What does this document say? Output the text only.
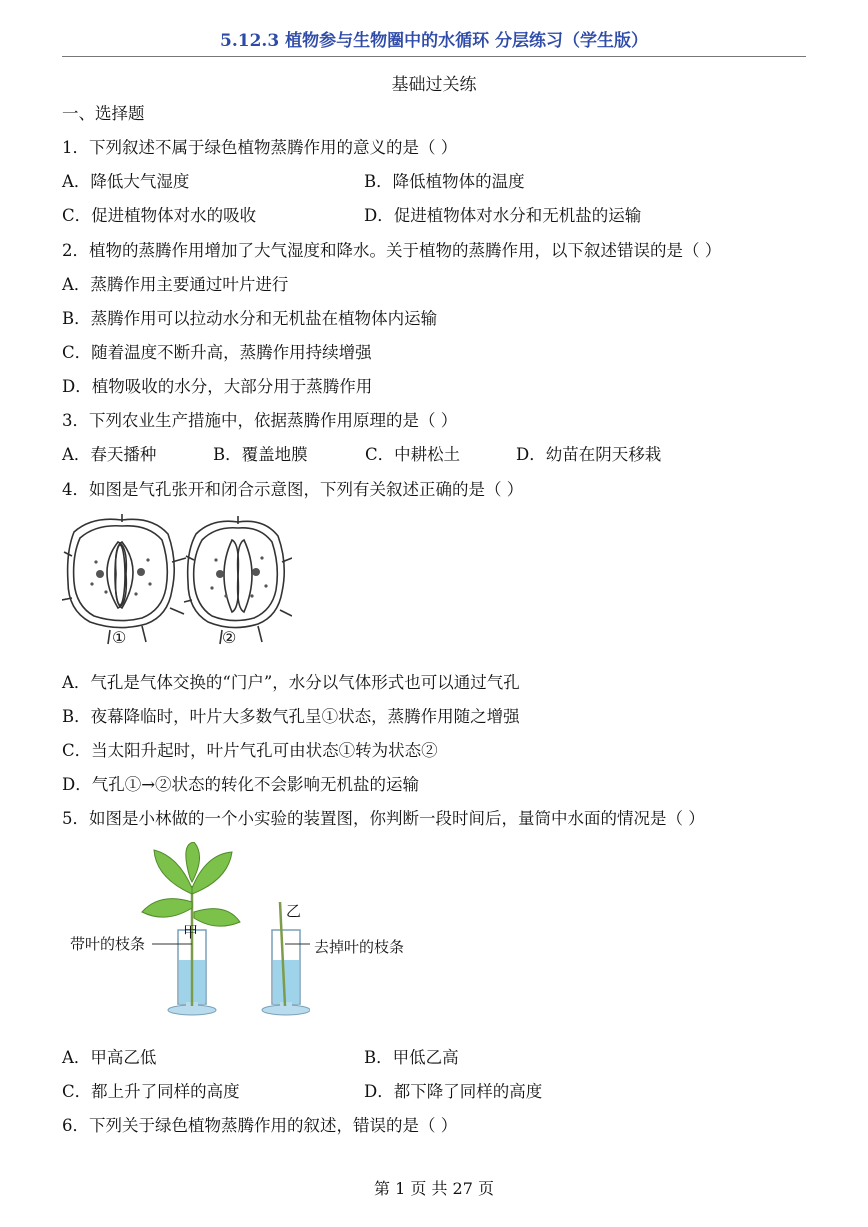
5.12.3 植物参与生物圈中的水循环 分层练习（学生版）
基础过关练
一、选择题
1．下列叙述不属于绿色植物蒸腾作用的意义的是（ ）
A．降低大气湿度	B．降低植物体的温度
C．促进植物体对水的吸收	D．促进植物体对水分和无机盐的运输
2．植物的蒸腾作用增加了大气湿度和降水。关于植物的蒸腾作用，以下叙述错误的是（ ）
A．蒸腾作用主要通过叶片进行
B．蒸腾作用可以拉动水分和无机盐在植物体内运输
C．随着温度不断升高，蒸腾作用持续增强
D．植物吸收的水分，大部分用于蒸腾作用
3．下列农业生产措施中，依据蒸腾作用原理的是（ ）
A．春天播种	B．覆盖地膜	C．中耕松土	D．幼苗在阴天移栽
4．如图是气孔张开和闭合示意图，下列有关叙述正确的是（ ）
①	②
A．气孔是气体交换的“门户”，水分以气体形式也可以通过气孔
B．夜幕降临时，叶片大多数气孔呈①状态，蒸腾作用随之增强
C．当太阳升起时，叶片气孔可由状态①转为状态②
D．气孔①→②状态的转化不会影响无机盐的运输
5．如图是小林做的一个小实验的装置图，你判断一段时间后，量筒中水面的情况是（ ）
带叶的枝条
甲
乙
去掉叶的枝条
A．甲高乙低	B．甲低乙高
C．都上升了同样的高度	D．都下降了同样的高度
6．下列关于绿色植物蒸腾作用的叙述，错误的是（ ）
第 1 页 共 27 页
